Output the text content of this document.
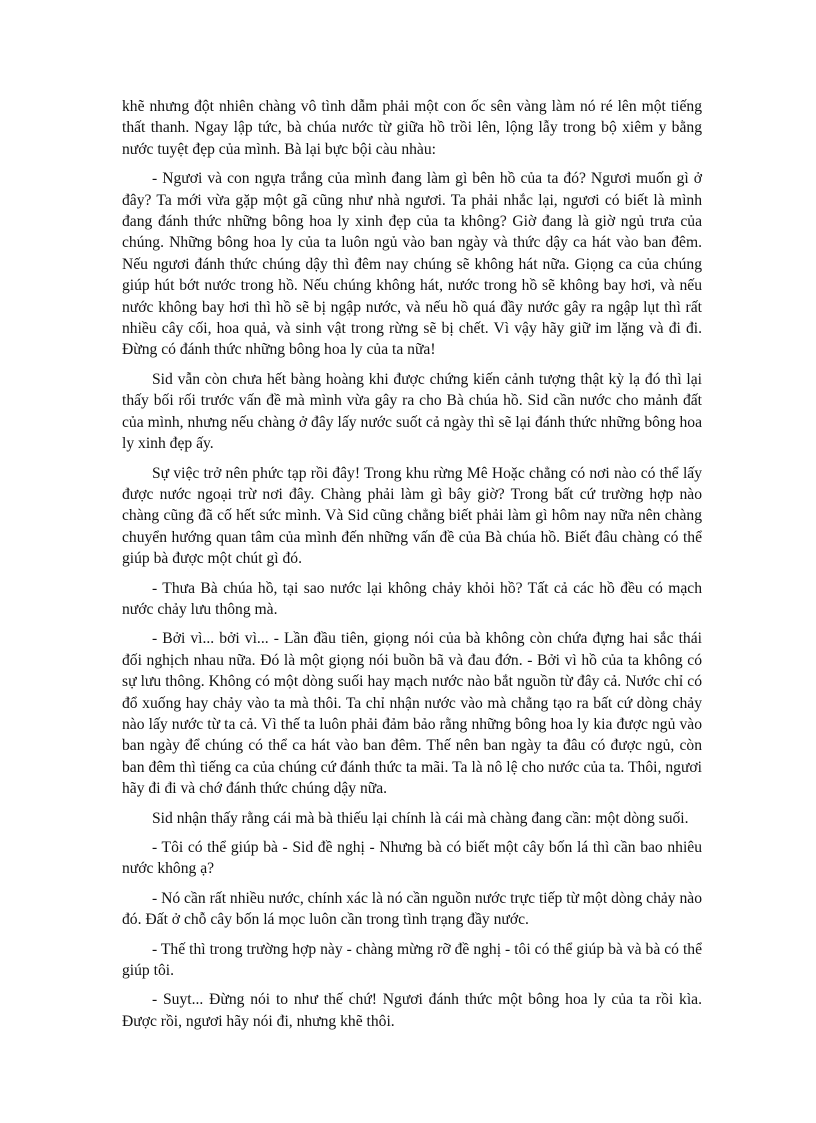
khẽ nhưng đột nhiên chàng vô tình dẫm phải một con ốc sên vàng làm nó ré lên một tiếng thất thanh. Ngay lập tức, bà chúa nước từ giữa hồ trồi lên, lộng lẫy trong bộ xiêm y bằng nước tuyệt đẹp của mình. Bà lại bực bội càu nhàu:

- Ngươi và con ngựa trắng của mình đang làm gì bên hồ của ta đó? Ngươi muốn gì ở đây? Ta mới vừa gặp một gã cũng như nhà ngươi. Ta phải nhắc lại, ngươi có biết là mình đang đánh thức những bông hoa ly xinh đẹp của ta không? Giờ đang là giờ ngủ trưa của chúng. Những bông hoa ly của ta luôn ngủ vào ban ngày và thức dậy ca hát vào ban đêm. Nếu ngươi đánh thức chúng dậy thì đêm nay chúng sẽ không hát nữa. Giọng ca của chúng giúp hút bớt nước trong hồ. Nếu chúng không hát, nước trong hồ sẽ không bay hơi, và nếu nước không bay hơi thì hồ sẽ bị ngập nước, và nếu hồ quá đầy nước gây ra ngập lụt thì rất nhiều cây cối, hoa quả, và sinh vật trong rừng sẽ bị chết. Vì vậy hãy giữ im lặng và đi đi. Đừng có đánh thức những bông hoa ly của ta nữa!

Sid vẫn còn chưa hết bàng hoàng khi được chứng kiến cảnh tượng thật kỳ lạ đó thì lại thấy bối rối trước vấn đề mà mình vừa gây ra cho Bà chúa hồ. Sid cần nước cho mảnh đất của mình, nhưng nếu chàng ở đây lấy nước suốt cả ngày thì sẽ lại đánh thức những bông hoa ly xinh đẹp ấy.

Sự việc trở nên phức tạp rồi đây! Trong khu rừng Mê Hoặc chẳng có nơi nào có thể lấy được nước ngoại trừ nơi đây. Chàng phải làm gì bây giờ? Trong bất cứ trường hợp nào chàng cũng đã cố hết sức mình. Và Sid cũng chẳng biết phải làm gì hôm nay nữa nên chàng chuyển hướng quan tâm của mình đến những vấn đề của Bà chúa hồ. Biết đâu chàng có thể giúp bà được một chút gì đó.

- Thưa Bà chúa hồ, tại sao nước lại không chảy khỏi hồ? Tất cả các hồ đều có mạch nước chảy lưu thông mà.

- Bởi vì... bởi vì... - Lần đầu tiên, giọng nói của bà không còn chứa đựng hai sắc thái đối nghịch nhau nữa. Đó là một giọng nói buồn bã và đau đớn. - Bởi vì hồ của ta không có sự lưu thông. Không có một dòng suối hay mạch nước nào bắt nguồn từ đây cả. Nước chỉ có đổ xuống hay chảy vào ta mà thôi. Ta chỉ nhận nước vào mà chẳng tạo ra bất cứ dòng chảy nào lấy nước từ ta cả. Vì thế ta luôn phải đảm bảo rằng những bông hoa ly kia được ngủ vào ban ngày để chúng có thể ca hát vào ban đêm. Thế nên ban ngày ta đâu có được ngủ, còn ban đêm thì tiếng ca của chúng cứ đánh thức ta mãi. Ta là nô lệ cho nước của ta. Thôi, ngươi hãy đi đi và chớ đánh thức chúng dậy nữa.

Sid nhận thấy rằng cái mà bà thiếu lại chính là cái mà chàng đang cần: một dòng suối.

- Tôi có thể giúp bà - Sid đề nghị - Nhưng bà có biết một cây bốn lá thì cần bao nhiêu nước không ạ?

- Nó cần rất nhiều nước, chính xác là nó cần nguồn nước trực tiếp từ một dòng chảy nào đó. Đất ở chỗ cây bốn lá mọc luôn cần trong tình trạng đầy nước.

- Thế thì trong trường hợp này - chàng mừng rỡ đề nghị - tôi có thể giúp bà và bà có thể giúp tôi.

- Suyt... Đừng nói to như thế chứ! Ngươi đánh thức một bông hoa ly của ta rồi kìa. Được rồi, ngươi hãy nói đi, nhưng khẽ thôi.
